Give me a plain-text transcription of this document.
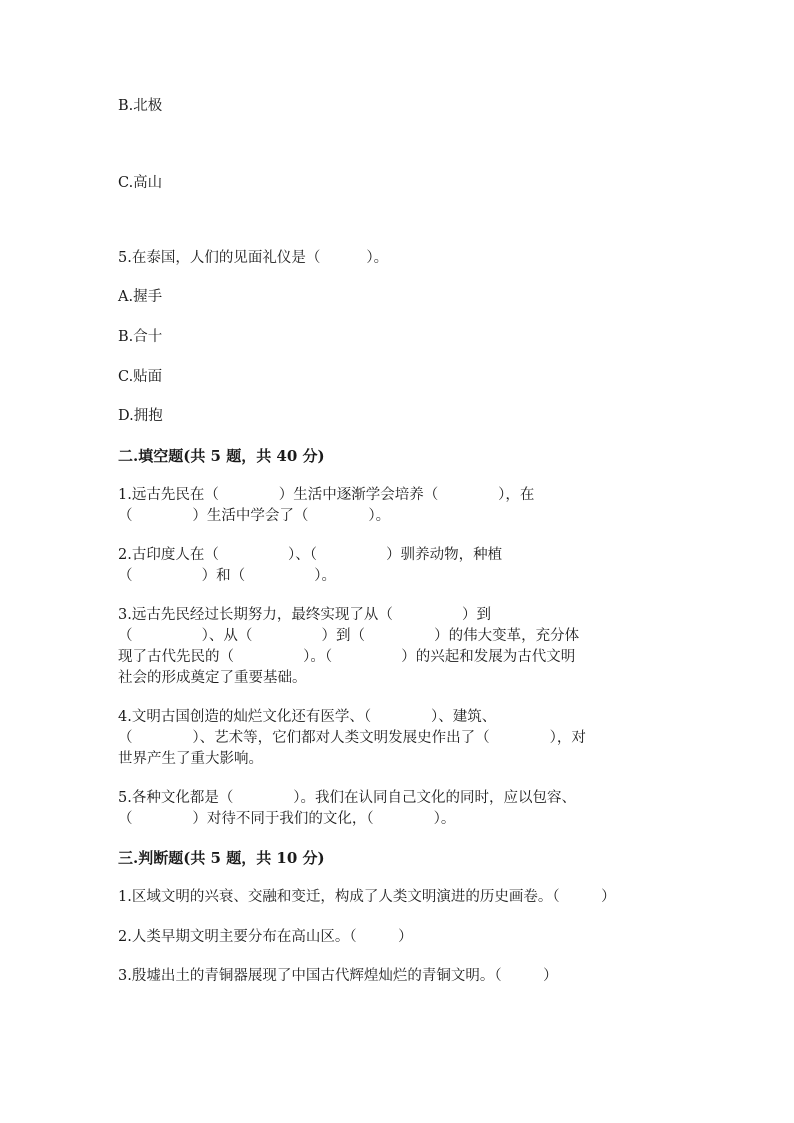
B.北极

C.高山

5.在泰国，人们的见面礼仪是（          ）。

A.握手

B.合十

C.贴面

D.拥抱

二.填空题(共 5 题，共 40 分)

1.远古先民在（             ）生活中逐渐学会培养（             ），在

（             ）生活中学会了（             ）。

2.古印度人在（               ）、（               ）驯养动物，种植

（               ）和（               ）。

3.远古先民经过长期努力，最终实现了从（               ）到

（               ）、从（               ）到（               ）的伟大变革，充分体

现了古代先民的（               ）。（               ）的兴起和发展为古代文明

社会的形成奠定了重要基础。

4.文明古国创造的灿烂文化还有医学、（             ）、建筑、

（             ）、艺术等，它们都对人类文明发展史作出了（             ），对

世界产生了重大影响。

5.各种文化都是（             ）。我们在认同自己文化的同时，应以包容、

（             ）对待不同于我们的文化，（             ）。

三.判断题(共 5 题，共 10 分)

1.区域文明的兴衰、交融和变迁，构成了人类文明演进的历史画卷。（         ）

2.人类早期文明主要分布在高山区。（         ）

3.殷墟出土的青铜器展现了中国古代辉煌灿烂的青铜文明。（         ）
